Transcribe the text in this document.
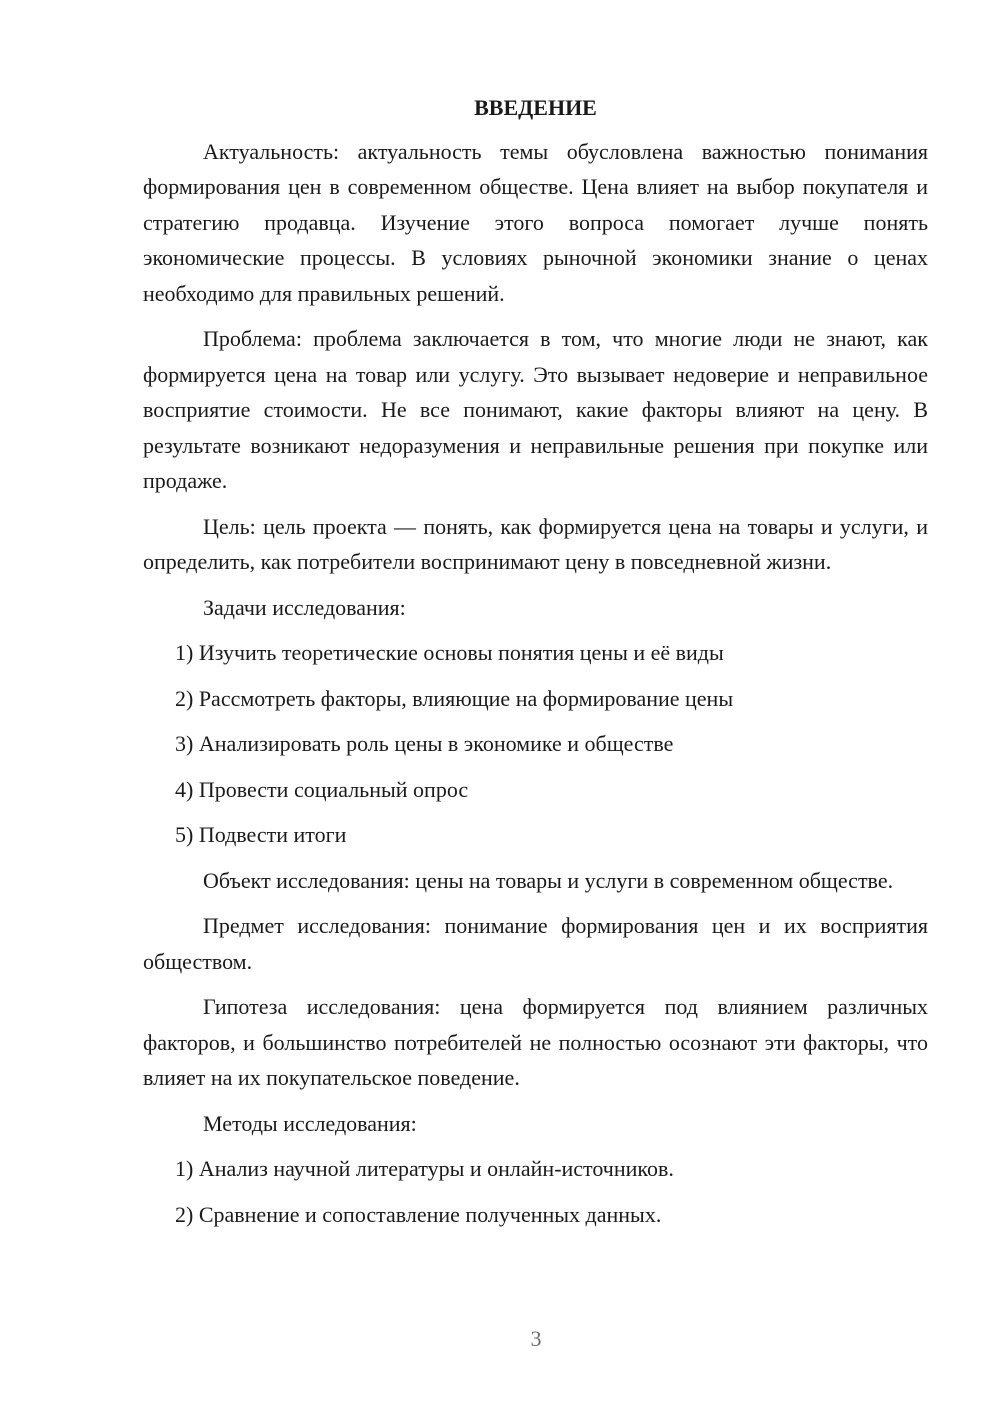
ВВЕДЕНИЕ

Актуальность: актуальность темы обусловлена важностью понимания формирования цен в современном обществе. Цена влияет на выбор покупателя и стратегию продавца. Изучение этого вопроса помогает лучше понять экономические процессы. В условиях рыночной экономики знание о ценах необходимо для правильных решений.

Проблема: проблема заключается в том, что многие люди не знают, как формируется цена на товар или услугу. Это вызывает недоверие и неправильное восприятие стоимости. Не все понимают, какие факторы влияют на цену. В результате возникают недоразумения и неправильные решения при покупке или продаже.

Цель: цель проекта — понять, как формируется цена на товары и услуги, и определить, как потребители воспринимают цену в повседневной жизни.

Задачи исследования:

1) Изучить теоретические основы понятия цены и её виды

2) Рассмотреть факторы, влияющие на формирование цены

3) Анализировать роль цены в экономике и обществе

4) Провести социальный опрос

5) Подвести итоги

Объект исследования: цены на товары и услуги в современном обществе.

Предмет исследования: понимание формирования цен и их восприятия обществом.

Гипотеза исследования: цена формируется под влиянием различных факторов, и большинство потребителей не полностью осознают эти факторы, что влияет на их покупательское поведение.

Методы исследования:

1) Анализ научной литературы и онлайн-источников.

2) Сравнение и сопоставление полученных данных.

3
